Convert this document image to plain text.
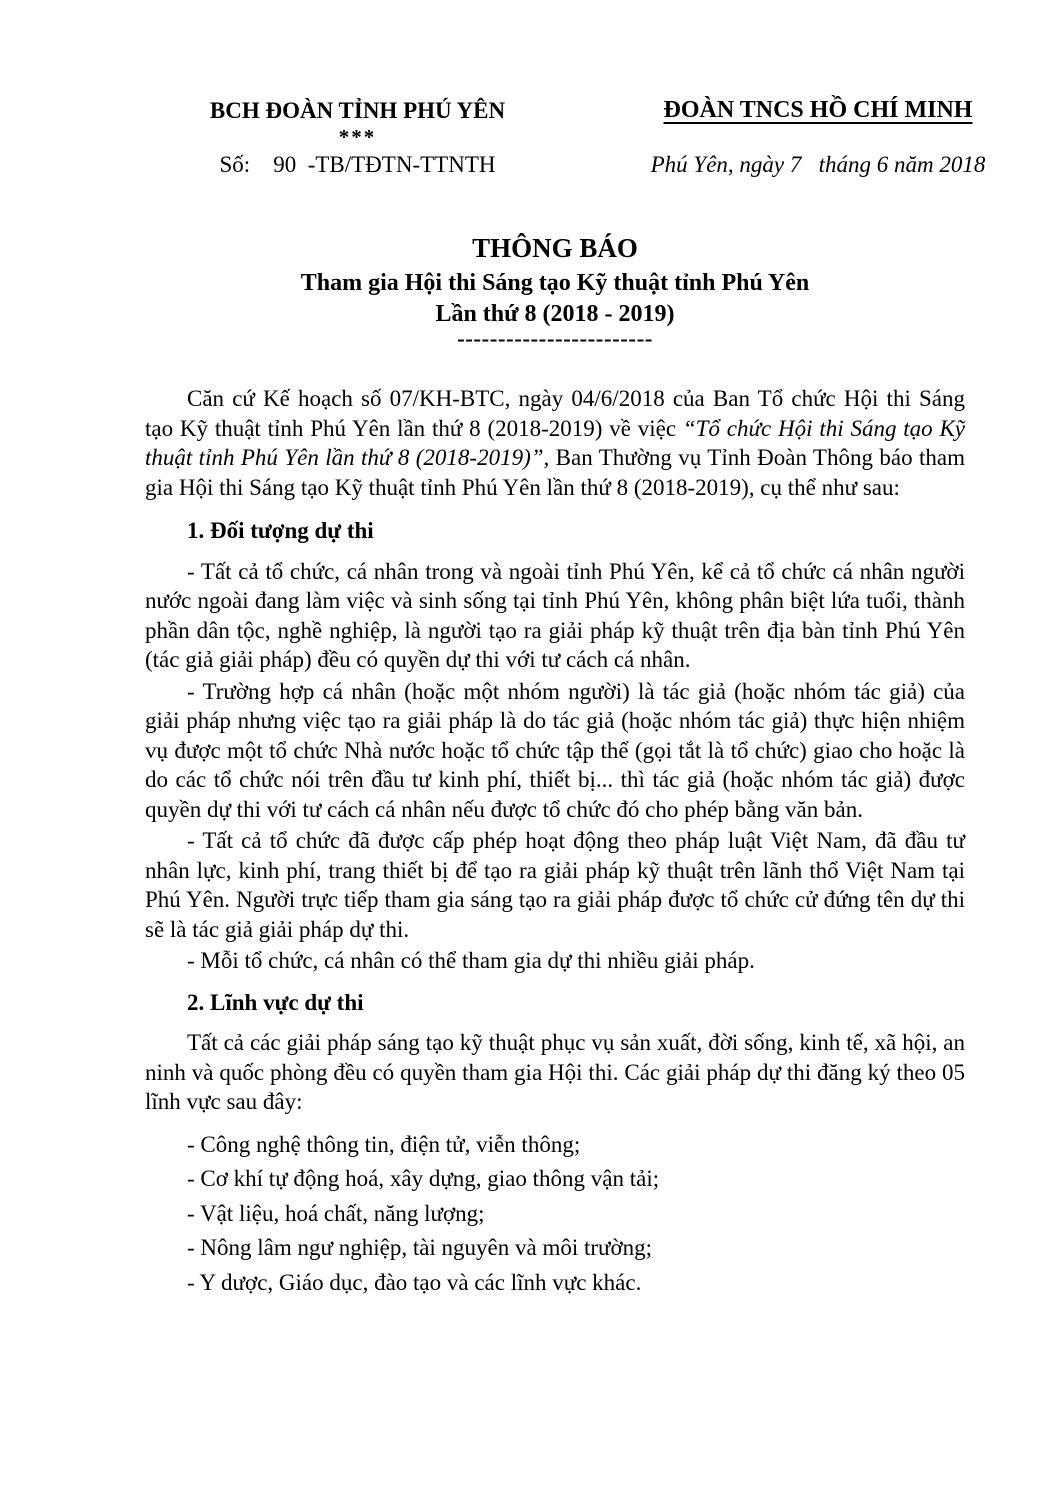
BCH ĐOÀN TỈNH PHÚ YÊN
***
Số:    90  -TB/TĐTN-TTNTH
ĐOÀN TNCS HỒ CHÍ MINH
Phú Yên, ngày 7   tháng 6 năm 2018
THÔNG BÁO
Tham gia Hội thi Sáng tạo Kỹ thuật tỉnh Phú Yên
Lần thứ 8 (2018 - 2019)
------------------------

Căn cứ Kế hoạch số 07/KH-BTC, ngày 04/6/2018 của Ban Tổ chức Hội thi Sáng tạo Kỹ thuật tỉnh Phú Yên lần thứ 8 (2018-2019) về việc “Tổ chức Hội thi Sáng tạo Kỹ thuật tỉnh Phú Yên lần thứ 8 (2018-2019)”, Ban Thường vụ Tỉnh Đoàn Thông báo tham gia Hội thi Sáng tạo Kỹ thuật tỉnh Phú Yên lần thứ 8 (2018-2019), cụ thể như sau:

1. Đối tượng dự thi

- Tất cả tổ chức, cá nhân trong và ngoài tỉnh Phú Yên, kể cả tổ chức cá nhân người nước ngoài đang làm việc và sinh sống tại tỉnh Phú Yên, không phân biệt lứa tuổi, thành phần dân tộc, nghề nghiệp, là người tạo ra giải pháp kỹ thuật trên địa bàn tỉnh Phú Yên (tác giả giải pháp) đều có quyền dự thi với tư cách cá nhân.

- Trường hợp cá nhân (hoặc một nhóm người) là tác giả (hoặc nhóm tác giả) của giải pháp nhưng việc tạo ra giải pháp là do tác giả (hoặc nhóm tác giả) thực hiện nhiệm vụ được một tổ chức Nhà nước hoặc tổ chức tập thể (gọi tắt là tổ chức) giao cho hoặc là do các tổ chức nói trên đầu tư kinh phí, thiết bị... thì tác giả (hoặc nhóm tác giả) được quyền dự thi với tư cách cá nhân nếu được tổ chức đó cho phép bằng văn bản.

- Tất cả tổ chức đã được cấp phép hoạt động theo pháp luật Việt Nam, đã đầu tư nhân lực, kinh phí, trang thiết bị để tạo ra giải pháp kỹ thuật trên lãnh thổ Việt Nam tại Phú Yên. Người trực tiếp tham gia sáng tạo ra giải pháp được tổ chức cử đứng tên dự thi sẽ là tác giả giải pháp dự thi.

- Mỗi tổ chức, cá nhân có thể tham gia dự thi nhiều giải pháp.

2. Lĩnh vực dự thi

Tất cả các giải pháp sáng tạo kỹ thuật phục vụ sản xuất, đời sống, kinh tế, xã hội, an ninh và quốc phòng đều có quyền tham gia Hội thi. Các giải pháp dự thi đăng ký theo 05 lĩnh vực sau đây:

- Công nghệ thông tin, điện tử, viễn thông;

- Cơ khí tự động hoá, xây dựng, giao thông vận tải;

- Vật liệu, hoá chất, năng lượng;

- Nông lâm ngư nghiệp, tài nguyên và môi trường;

- Y dược, Giáo dục, đào tạo và các lĩnh vực khác.
